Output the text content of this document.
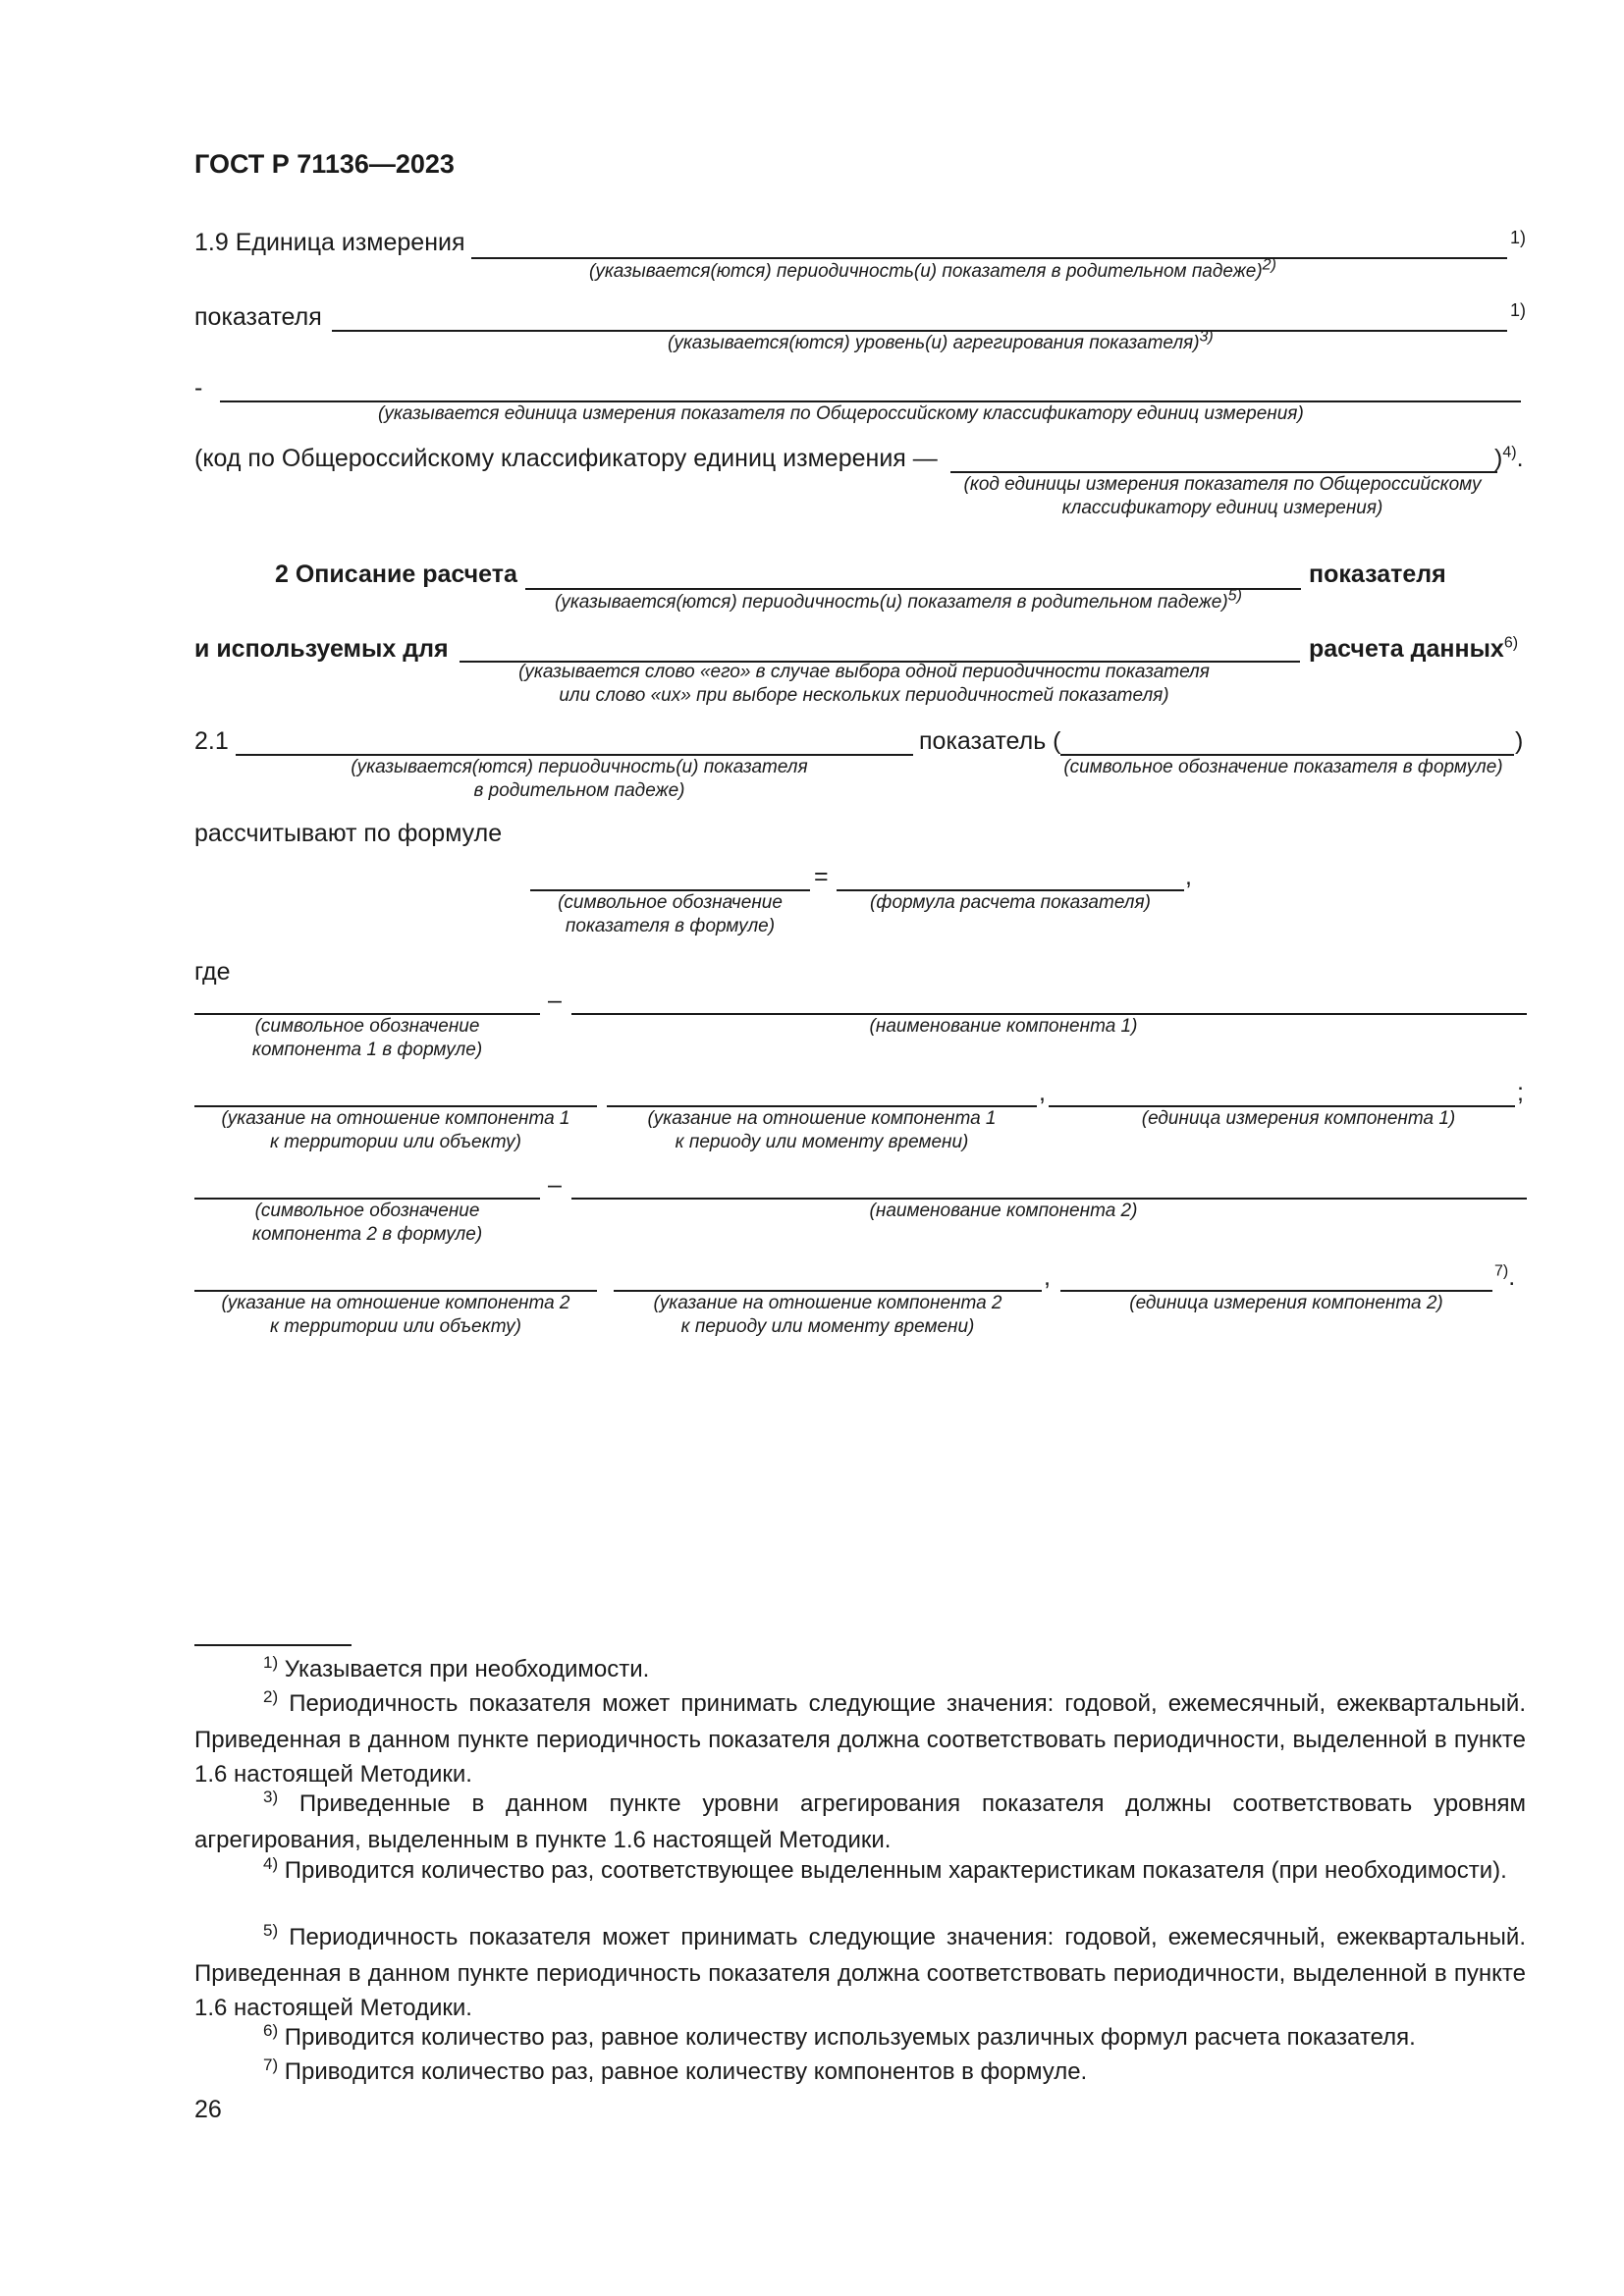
ГОСТ Р 71136—2023
1.9 Единица измерения	1)
(указывается(ются) периодичность(и) показателя в родительном падеже)$^{2)}$
показателя	1)
(указывается(ются) уровень(и) агрегирования показателя)$^{3)}$
-
(указывается единица измерения показателя по Общероссийскому классификатору единиц измерения)
(код по Общероссийскому классификатору единиц измерения —	)$^{4)}$.
(код единицы измерения показателя по Общероссийскому
классификатору единиц измерения)
2 Описание расчета	показателя
(указывается(ются) периодичность(и) показателя в родительном падеже)$^{5)}$
и используемых для	расчета данных$^{6)}$
(указывается слово «его» в случае выбора одной периодичности показателя
или слово «их» при выборе нескольких периодичностей показателя)
2.1	показатель (	)
(указывается(ются) периодичность(и) показателя
в родительном падеже)
(символьное обозначение показателя в формуле)
рассчитывают по формуле
=	,
(символьное обозначение
показателя в формуле)
(формула расчета показателя)
где
–
(символьное обозначение
компонента 1 в формуле)
(наименование компонента 1)
,	;
(указание на отношение компонента 1
к территории или объекту)
(указание на отношение компонента 1
к периоду или моменту времени)
(единица измерения компонента 1)
–
(символьное обозначение
компонента 2 в формуле)
(наименование компонента 2)
,	$^{7)}$.
(указание на отношение компонента 2
к территории или объекту)
(указание на отношение компонента 2
к периоду или моменту времени)
(единица измерения компонента 2)
$^{1)}$ Указывается при необходимости.
$^{2)}$ Периодичность показателя может принимать следующие значения: годовой, ежемесячный, ежеквартальный. Приведенная в данном пункте периодичность показателя должна соответствовать периодичности, выделенной в пункте 1.6 настоящей Методики.
$^{3)}$ Приведенные в данном пункте уровни агрегирования показателя должны соответствовать уровням агрегирования, выделенным в пункте 1.6 настоящей Методики.
$^{4)}$ Приводится количество раз, соответствующее выделенным характеристикам показателя (при необходимости).
$^{5)}$ Периодичность показателя может принимать следующие значения: годовой, ежемесячный, ежеквартальный. Приведенная в данном пункте периодичность показателя должна соответствовать периодичности, выделенной в пункте 1.6 настоящей Методики.
$^{6)}$ Приводится количество раз, равное количеству используемых различных формул расчета показателя.
$^{7)}$ Приводится количество раз, равное количеству компонентов в формуле.
26
